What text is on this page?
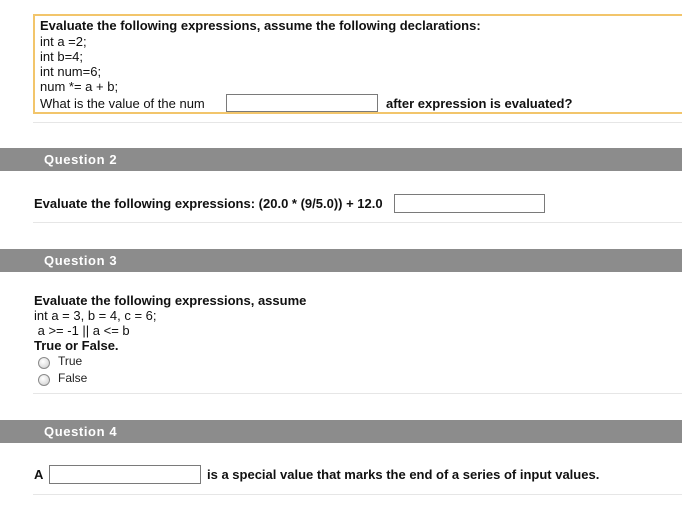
Evaluate the following expressions, assume the following declarations:
int a =2;
int b=4;
int num=6;
num *= a + b;
What is the value of the num	after expression is evaluated?
Question 2
Evaluate the following expressions: (20.0 * (9/5.0)) + 12.0
Question 3
Evaluate the following expressions, assume
int a = 3, b = 4, c = 6;
a >= -1 || a <= b
True or False.
True
False
Question 4
A	is a special value that marks the end of a series of input values.
